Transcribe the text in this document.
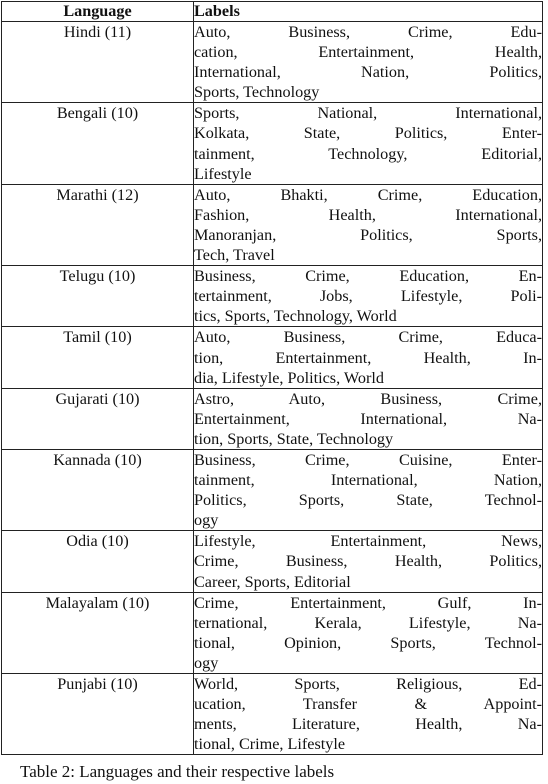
Language	Labels
Hindi (11)	Auto, Business, Crime, Edu-
cation, Entertainment, Health,
International, Nation, Politics,
Sports, Technology

Bengali (10)	Sports, National, International,
Kolkata, State, Politics, Enter-
tainment, Technology, Editorial,
Lifestyle

Marathi (12)	Auto, Bhakti, Crime, Education,
Fashion, Health, International,
Manoranjan, Politics, Sports,
Tech, Travel

Telugu (10)	Business, Crime, Education, En-
tertainment, Jobs, Lifestyle, Poli-
tics, Sports, Technology, World

Tamil (10)	Auto, Business, Crime, Educa-
tion, Entertainment, Health, In-
dia, Lifestyle, Politics, World

Gujarati (10)	Astro, Auto, Business, Crime,
Entertainment, International, Na-
tion, Sports, State, Technology

Kannada (10)	Business, Crime, Cuisine, Enter-
tainment, International, Nation,
Politics, Sports, State, Technol-
ogy

Odia (10)	Lifestyle, Entertainment, News,
Crime, Business, Health, Politics,
Career, Sports, Editorial

Malayalam (10)	Crime, Entertainment, Gulf, In-
ternational, Kerala, Lifestyle, Na-
tional, Opinion, Sports, Technol-
ogy

Punjabi (10)	World, Sports, Religious, Ed-
ucation, Transfer & Appoint-
ments, Literature, Health, Na-
tional, Crime, Lifestyle
Table 2: Languages and their respective labels
